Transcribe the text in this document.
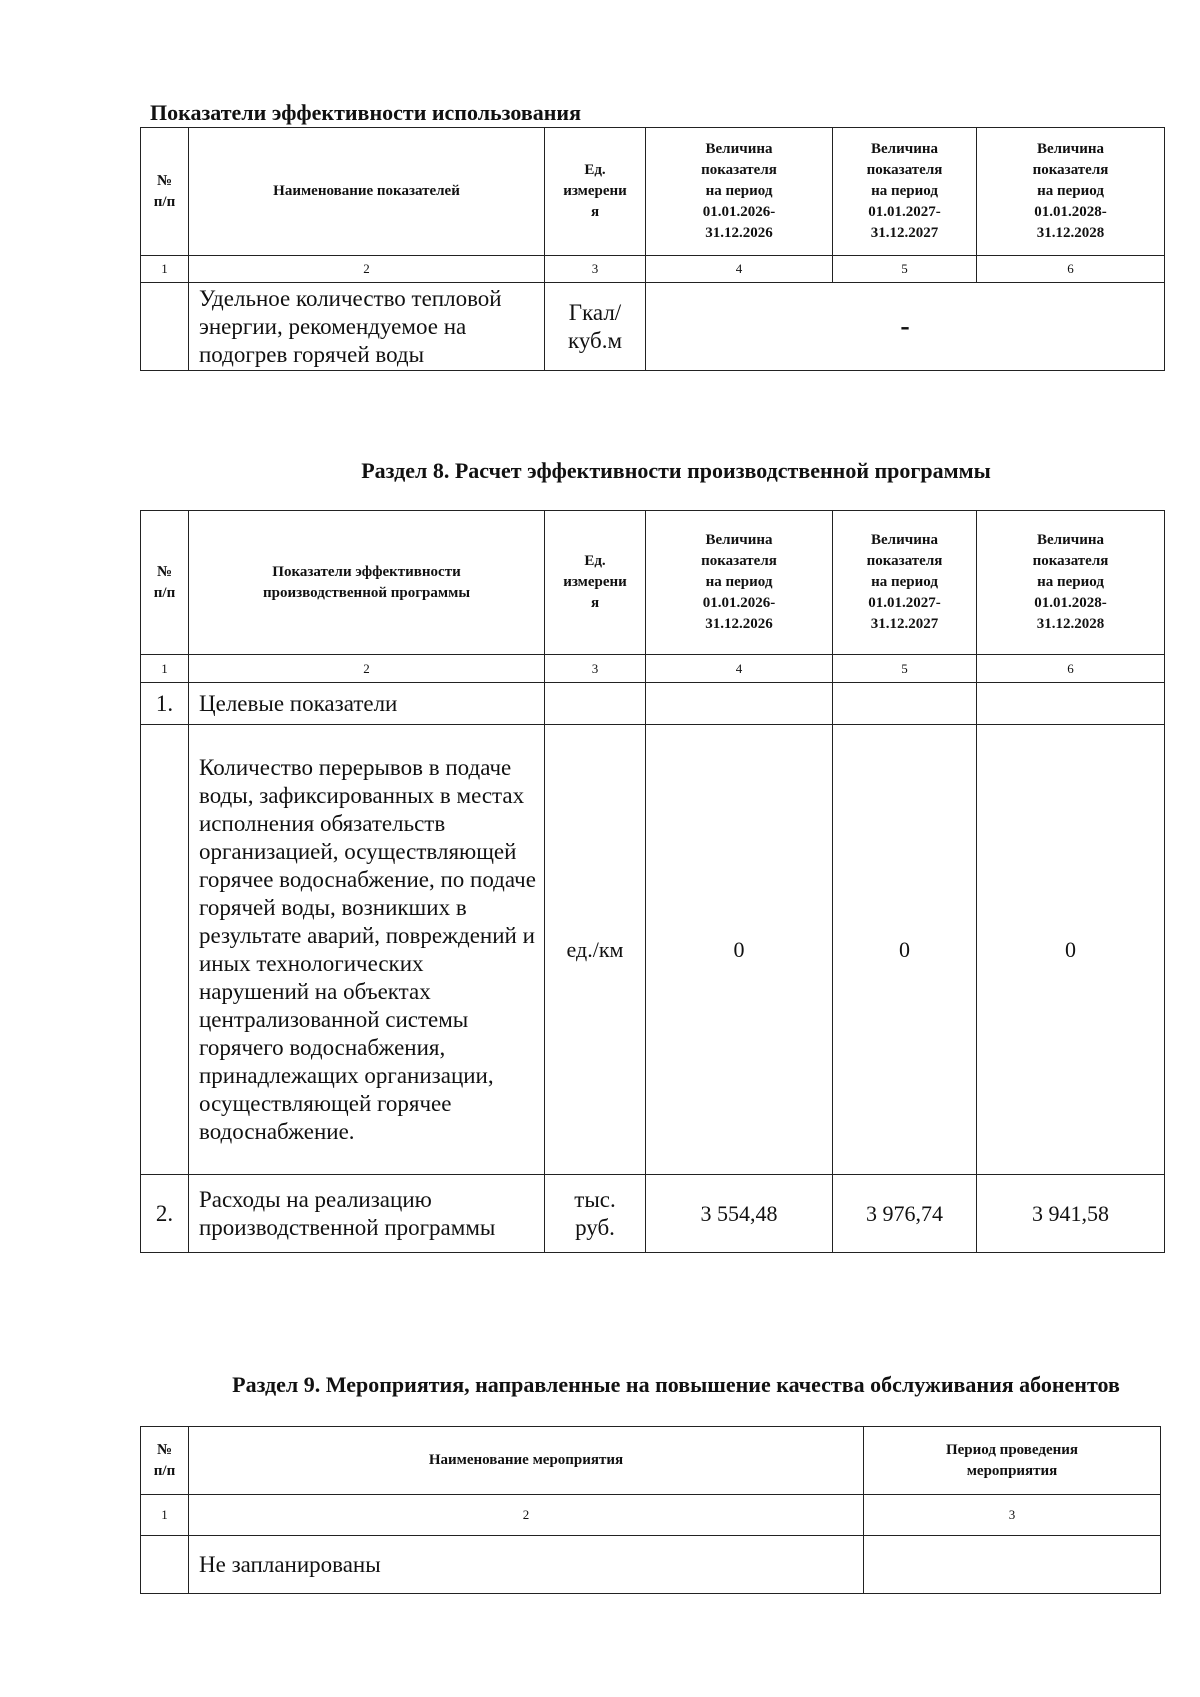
Показатели эффективности использования
№
п/п	Наименование показателей	Ед.
измерени
я	Величина
показателя
на период
01.01.2026-
31.12.2026	Величина
показателя
на период
01.01.2027-
31.12.2027	Величина
показателя
на период
01.01.2028-
31.12.2028
1	2	3	4	5	6
	Удельное количество тепловой энергии, рекомендуемое на подогрев горячей воды	Гкал/
куб.м	-		
Раздел 8. Расчет эффективности производственной программы
№
п/п	Показатели эффективности
производственной программы	Ед.
измерени
я	Величина
показателя
на период
01.01.2026-
31.12.2026	Величина
показателя
на период
01.01.2027-
31.12.2027	Величина
показателя
на период
01.01.2028-
31.12.2028
1	2	3	4	5	6
1.	Целевые показатели				
	Количество перерывов в подаче воды, зафиксированных в местах исполнения обязательств организацией, осуществляющей горячее водоснабжение, по подаче горячей воды, возникших в результате аварий, повреждений и иных технологических нарушений на объектах централизованной системы горячего водоснабжения, принадлежащих организации, осуществляющей горячее водоснабжение.	ед./км	0	0	0
2.	Расходы на реализацию производственной программы	тыс.
руб.	3 554,48	3 976,74	3 941,58
Раздел 9. Мероприятия, направленные на повышение качества обслуживания абонентов
№
п/п	Наименование мероприятия	Период проведения
мероприятия
1	2	3
	Не запланированы	
